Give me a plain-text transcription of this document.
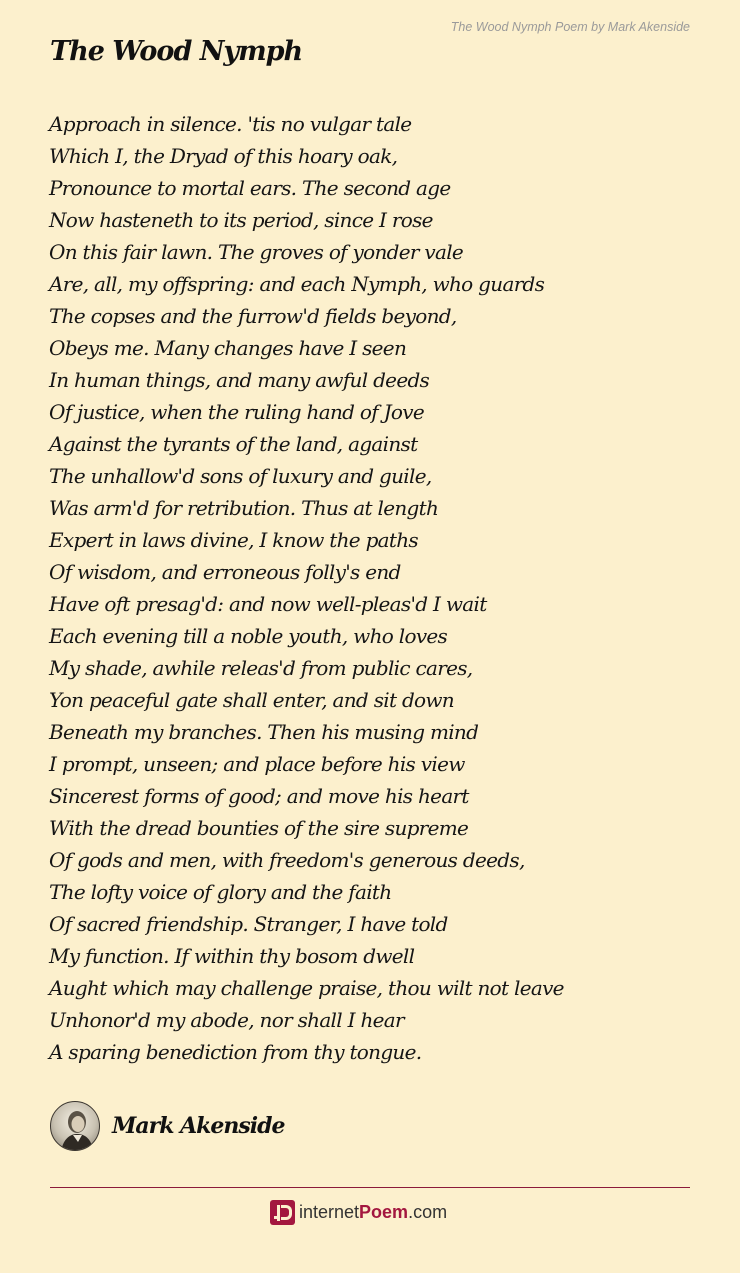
The Wood Nymph Poem by Mark Akenside
The Wood Nymph
Approach in silence. 'tis no vulgar tale
Which I, the Dryad of this hoary oak,
Pronounce to mortal ears. The second age
Now hasteneth to its period, since I rose
On this fair lawn. The groves of yonder vale
Are, all, my offspring: and each Nymph, who guards
The copses and the furrow'd fields beyond,
Obeys me. Many changes have I seen
In human things, and many awful deeds
Of justice, when the ruling hand of Jove
Against the tyrants of the land, against
The unhallow'd sons of luxury and guile,
Was arm'd for retribution. Thus at length
Expert in laws divine, I know the paths
Of wisdom, and erroneous folly's end
Have oft presag'd: and now well-pleas'd I wait
Each evening till a noble youth, who loves
My shade, awhile releas'd from public cares,
Yon peaceful gate shall enter, and sit down
Beneath my branches. Then his musing mind
I prompt, unseen; and place before his view
Sincerest forms of good; and move his heart
With the dread bounties of the sire supreme
Of gods and men, with freedom's generous deeds,
The lofty voice of glory and the faith
Of sacred friendship. Stranger, I have told
My function. If within thy bosom dwell
Aught which may challenge praise, thou wilt not leave
Unhonor'd my abode, nor shall I hear
A sparing benediction from thy tongue.
Mark Akenside
internetPoem.com
